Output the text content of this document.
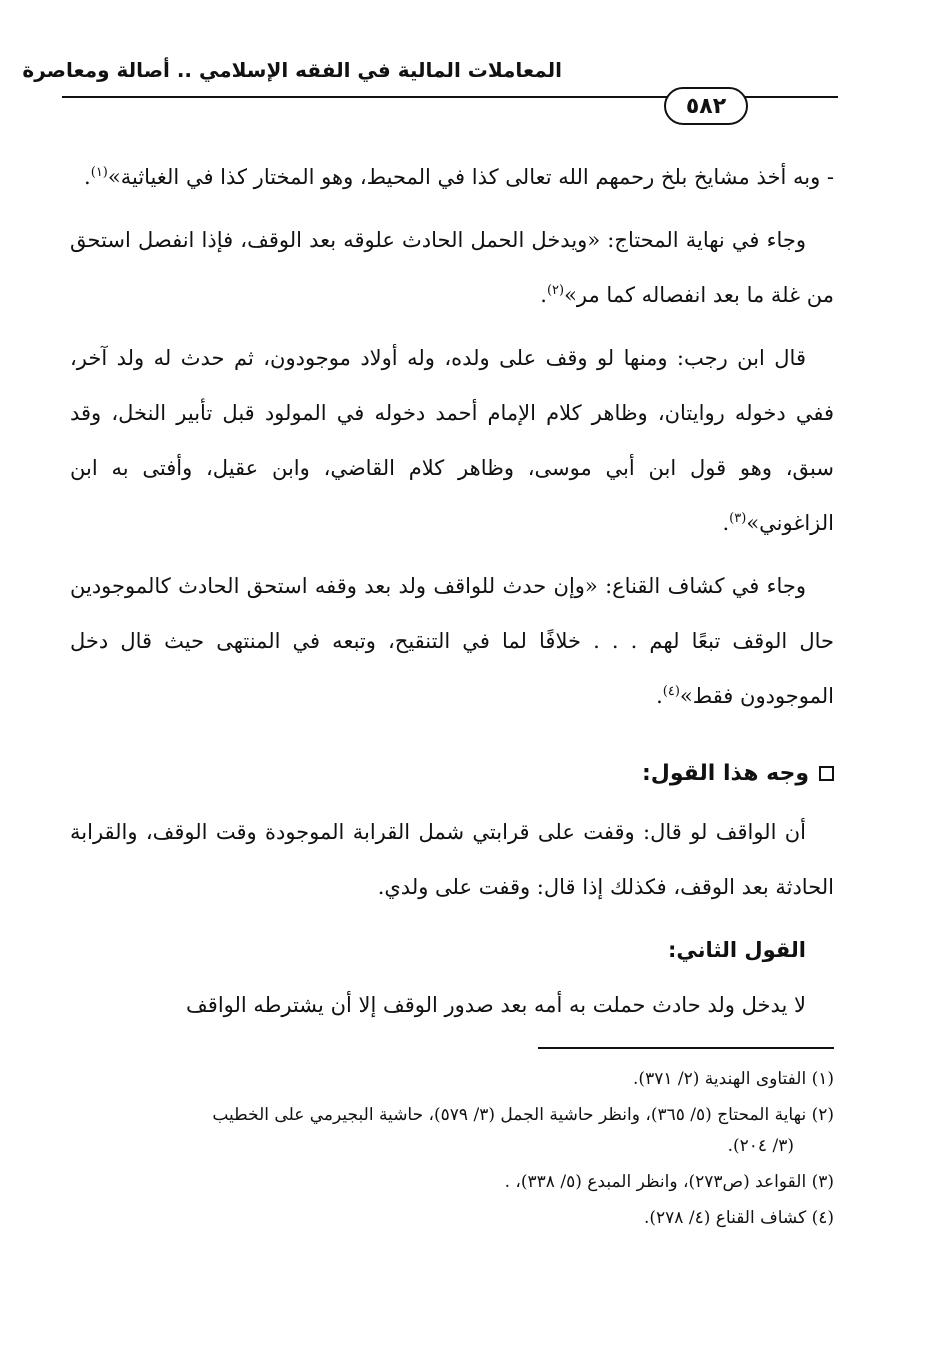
المعاملات المالية في الفقه الإسلامي .. أصالة ومعاصرة
٥٨٢

- وبه أخذ مشايخ بلخ رحمهم الله تعالى كذا في المحيط، وهو المختار كذا في الغياثية»$^{(١)}$.

وجاء في نهاية المحتاج: «ويدخل الحمل الحادث علوقه بعد الوقف، فإذا انفصل استحق من غلة ما بعد انفصاله كما مر»$^{(٢)}$.

قال ابن رجب: ومنها لو وقف على ولده، وله أولاد موجودون، ثم حدث له ولد آخر، ففي دخوله روايتان، وظاهر كلام الإمام أحمد دخوله في المولود قبل تأبير النخل، وقد سبق، وهو قول ابن أبي موسى، وظاهر كلام القاضي، وابن عقيل، وأفتى به ابن الزاغوني»$^{(٣)}$.

وجاء في كشاف القناع: «وإن حدث للواقف ولد بعد وقفه استحق الحادث كالموجودين حال الوقف تبعًا لهم . . . خلافًا لما في التنقيح، وتبعه في المنتهى حيث قال دخل الموجودون فقط»$^{(٤)}$.

وجه هذا القول:

أن الواقف لو قال: وقفت على قرابتي شمل القرابة الموجودة وقت الوقف، والقرابة الحادثة بعد الوقف، فكذلك إذا قال: وقفت على ولدي.

القول الثاني:

لا يدخل ولد حادث حملت به أمه بعد صدور الوقف إلا أن يشترطه الواقف

(١) الفتاوى الهندية (٢/ ٣٧١).
(٢) نهاية المحتاج (٥/ ٣٦٥)، وانظر حاشية الجمل (٣/ ٥٧٩)، حاشية البجيرمي على الخطيب
(٣/ ٢٠٤).
(٣) القواعد (ص٢٧٣)، وانظر المبدع (٥/ ٣٣٨)، .
(٤) كشاف القناع (٤/ ٢٧٨).
